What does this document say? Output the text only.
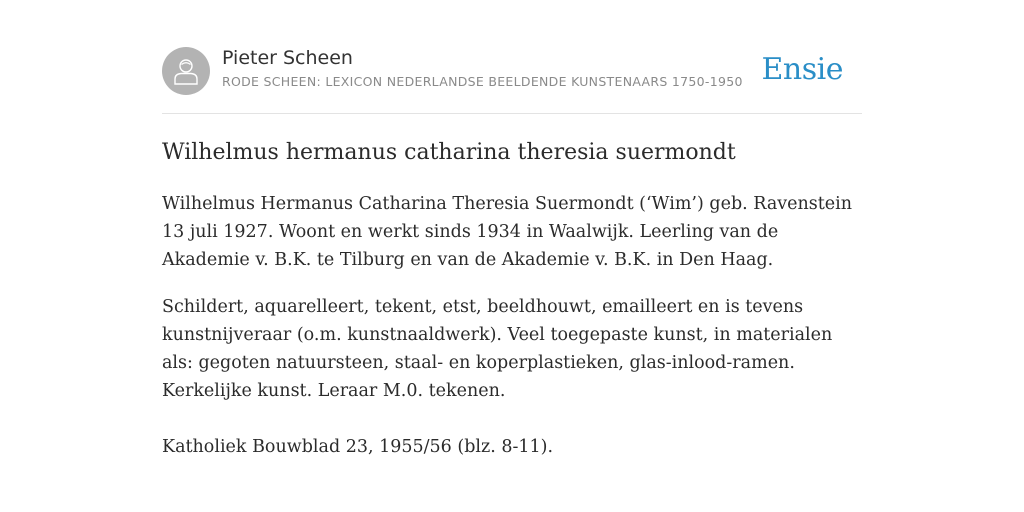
Pieter Scheen
RODE SCHEEN: LEXICON NEDERLANDSE BEELDENDE KUNSTENAARS 1750-1950 Ensie
Wilhelmus hermanus catharina theresia suermondt

Wilhelmus Hermanus Catharina Theresia Suermondt (‘Wim’) geb. Ravenstein 13 juli 1927. Woont en werkt sinds 1934 in Waalwijk. Leerling van de Akademie v. B.K. te Tilburg en van de Akademie v. B.K. in Den Haag.

Schildert, aquarelleert, tekent, etst, beeldhouwt, emailleert en is tevens kunstnijveraar (o.m. kunstnaaldwerk). Veel toegepaste kunst, in materialen als: gegoten natuursteen, staal- en koperplastieken, glas-inlood-ramen. Kerkelijke kunst. Leraar M.0. tekenen.

Katholiek Bouwblad 23, 1955/56 (blz. 8-11).
